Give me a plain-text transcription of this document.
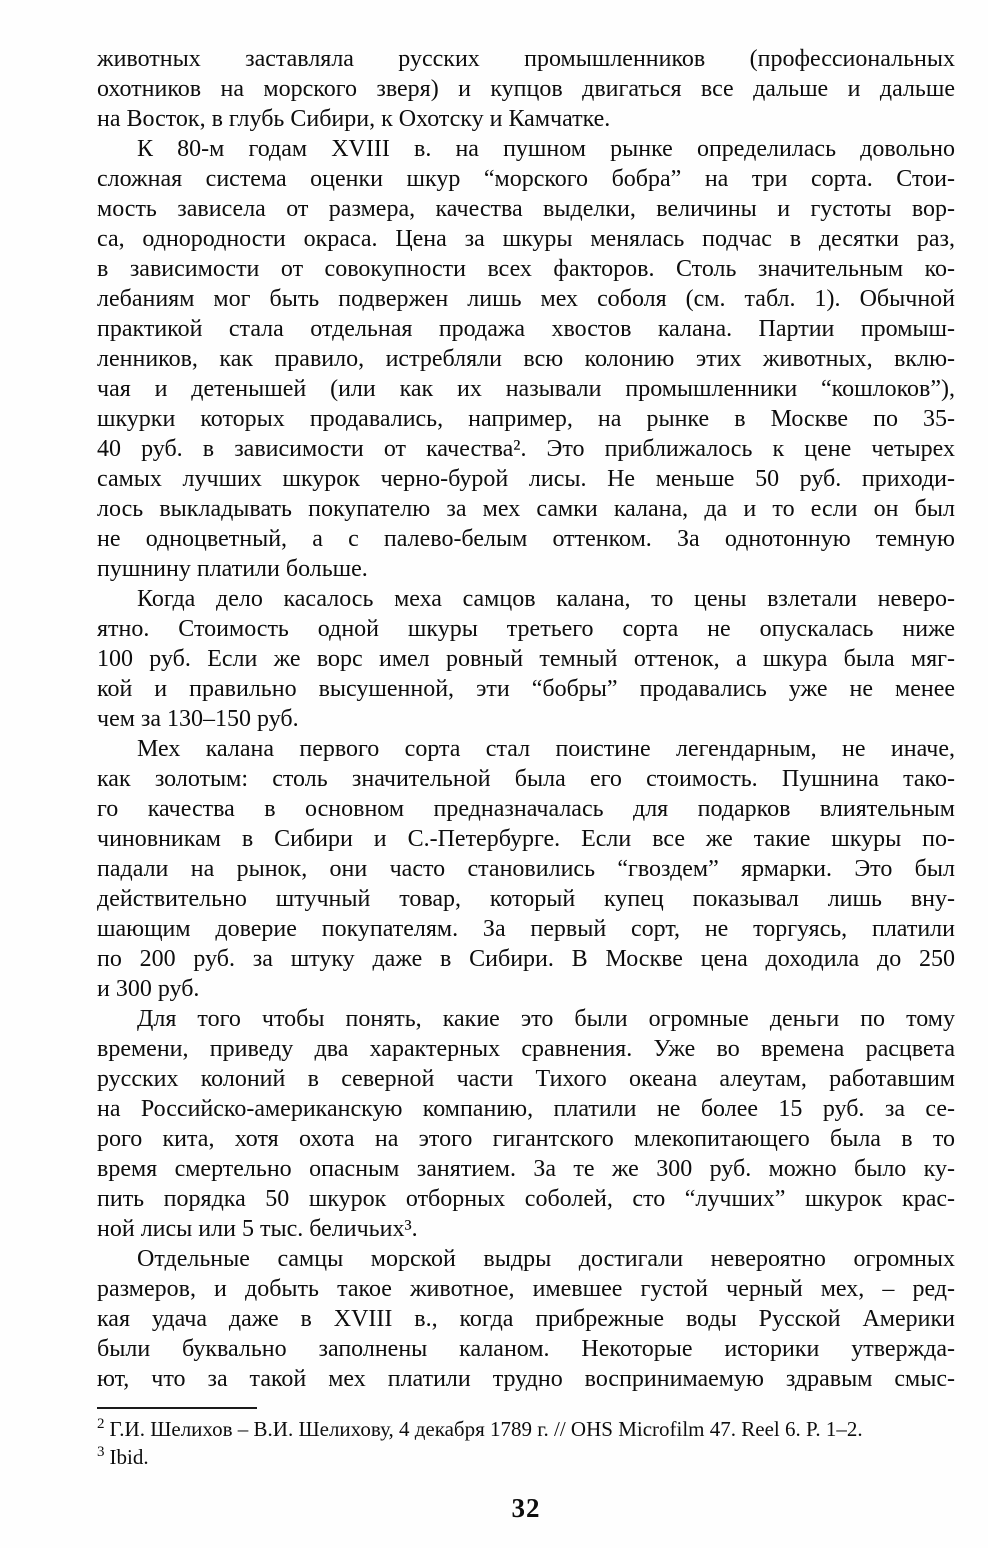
животных заставляла русских промышленников (профессиональных
охотников на морского зверя) и купцов двигаться все дальше и дальше
на Восток, в глубь Сибири, к Охотску и Камчатке.
К 80-м годам XVIII в. на пушном рынке определилась довольно
сложная система оценки шкур “морского бобра” на три сорта. Стои-
мость зависела от размера, качества выделки, величины и густоты вор-
са, однородности окраса. Цена за шкуры менялась подчас в десятки раз,
в зависимости от совокупности всех факторов. Столь значительным ко-
лебаниям мог быть подвержен лишь мех соболя (см. табл. 1). Обычной
практикой стала отдельная продажа хвостов калана. Партии промыш-
ленников, как правило, истребляли всю колонию этих животных, вклю-
чая и детенышей (или как их называли промышленники “кошлоков”),
шкурки которых продавались, например, на рынке в Москве по 35-
40 руб. в зависимости от качества². Это приближалось к цене четырех
самых лучших шкурок черно-бурой лисы. Не меньше 50 руб. приходи-
лось выкладывать покупателю за мех самки калана, да и то если он был
не одноцветный, а с палево-белым оттенком. За однотонную темную
пушнину платили больше.
Когда дело касалось меха самцов калана, то цены взлетали неверо-
ятно. Стоимость одной шкуры третьего сорта не опускалась ниже
100 руб. Если же ворс имел ровный темный оттенок, а шкура была мяг-
кой и правильно высушенной, эти “бобры” продавались уже не менее
чем за 130–150 руб.
Мех калана первого сорта стал поистине легендарным, не иначе,
как золотым: столь значительной была его стоимость. Пушнина тако-
го качества в основном предназначалась для подарков влиятельным
чиновникам в Сибири и С.-Петербурге. Если все же такие шкуры по-
падали на рынок, они часто становились “гвоздем” ярмарки. Это был
действительно штучный товар, который купец показывал лишь вну-
шающим доверие покупателям. За первый сорт, не торгуясь, платили
по 200 руб. за штуку даже в Сибири. В Москве цена доходила до 250
и 300 руб.
Для того чтобы понять, какие это были огромные деньги по тому
времени, приведу два характерных сравнения. Уже во времена расцвета
русских колоний в северной части Тихого океана алеутам, работавшим
на Российско-американскую компанию, платили не более 15 руб. за се-
рого кита, хотя охота на этого гигантского млекопитающего была в то
время смертельно опасным занятием. За те же 300 руб. можно было ку-
пить порядка 50 шкурок отборных соболей, сто “лучших” шкурок крас-
ной лисы или 5 тыс. беличьих³.
Отдельные самцы морской выдры достигали невероятно огромных
размеров, и добыть такое животное, имевшее густой черный мех, – ред-
кая удача даже в XVIII в., когда прибрежные воды Русской Америки
были буквально заполнены каланом. Некоторые историки утвержда-
ют, что за такой мех платили трудно воспринимаемую здравым смыс-
$^2$ Г.И. Шелихов – В.И. Шелихову, 4 декабря 1789 г. // OHS Microfilm 47. Reel 6. P. 1–2.
$^3$ Ibid.
32
